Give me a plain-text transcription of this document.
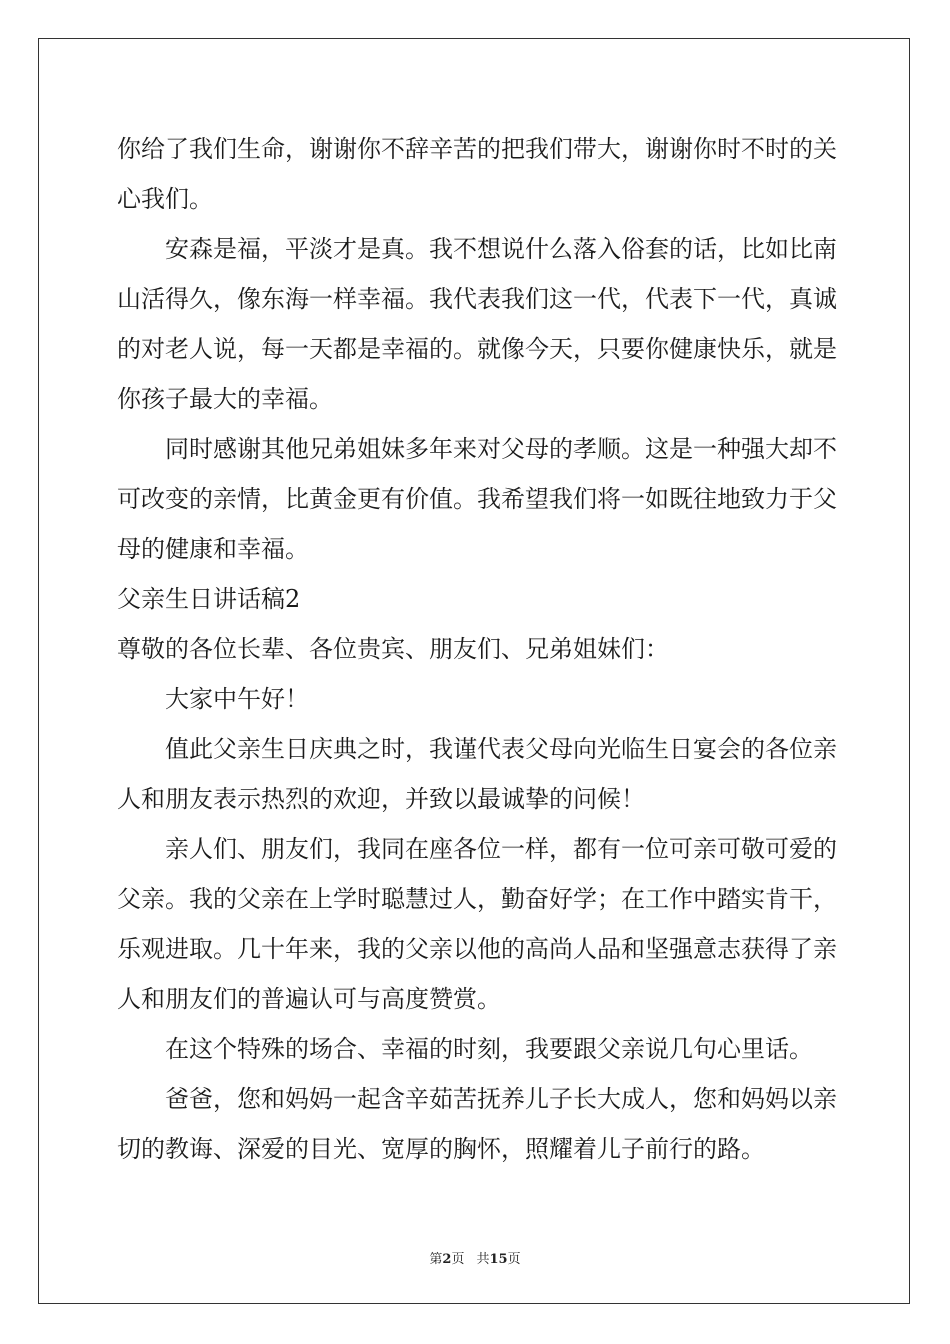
你给了我们生命，谢谢你不辞辛苦的把我们带大，谢谢你时不时的关
心我们。
安森是福，平淡才是真。我不想说什么落入俗套的话，比如比南
山活得久，像东海一样幸福。我代表我们这一代，代表下一代，真诚
的对老人说，每一天都是幸福的。就像今天，只要你健康快乐，就是
你孩子最大的幸福。
同时感谢其他兄弟姐妹多年来对父母的孝顺。这是一种强大却不
可改变的亲情，比黄金更有价值。我希望我们将一如既往地致力于父
母的健康和幸福。
父亲生日讲话稿2
尊敬的各位长辈、各位贵宾、朋友们、兄弟姐妹们：
大家中午好！
值此父亲生日庆典之时，我谨代表父母向光临生日宴会的各位亲
人和朋友表示热烈的欢迎，并致以最诚挚的问候！
亲人们、朋友们，我同在座各位一样，都有一位可亲可敬可爱的
父亲。我的父亲在上学时聪慧过人，勤奋好学；在工作中踏实肯干，
乐观进取。几十年来，我的父亲以他的高尚人品和坚强意志获得了亲
人和朋友们的普遍认可与高度赞赏。
在这个特殊的场合、幸福的时刻，我要跟父亲说几句心里话。
爸爸，您和妈妈一起含辛茹苦抚养儿子长大成人，您和妈妈以亲
切的教诲、深爱的目光、宽厚的胸怀，照耀着儿子前行的路。
第2页 共15页
